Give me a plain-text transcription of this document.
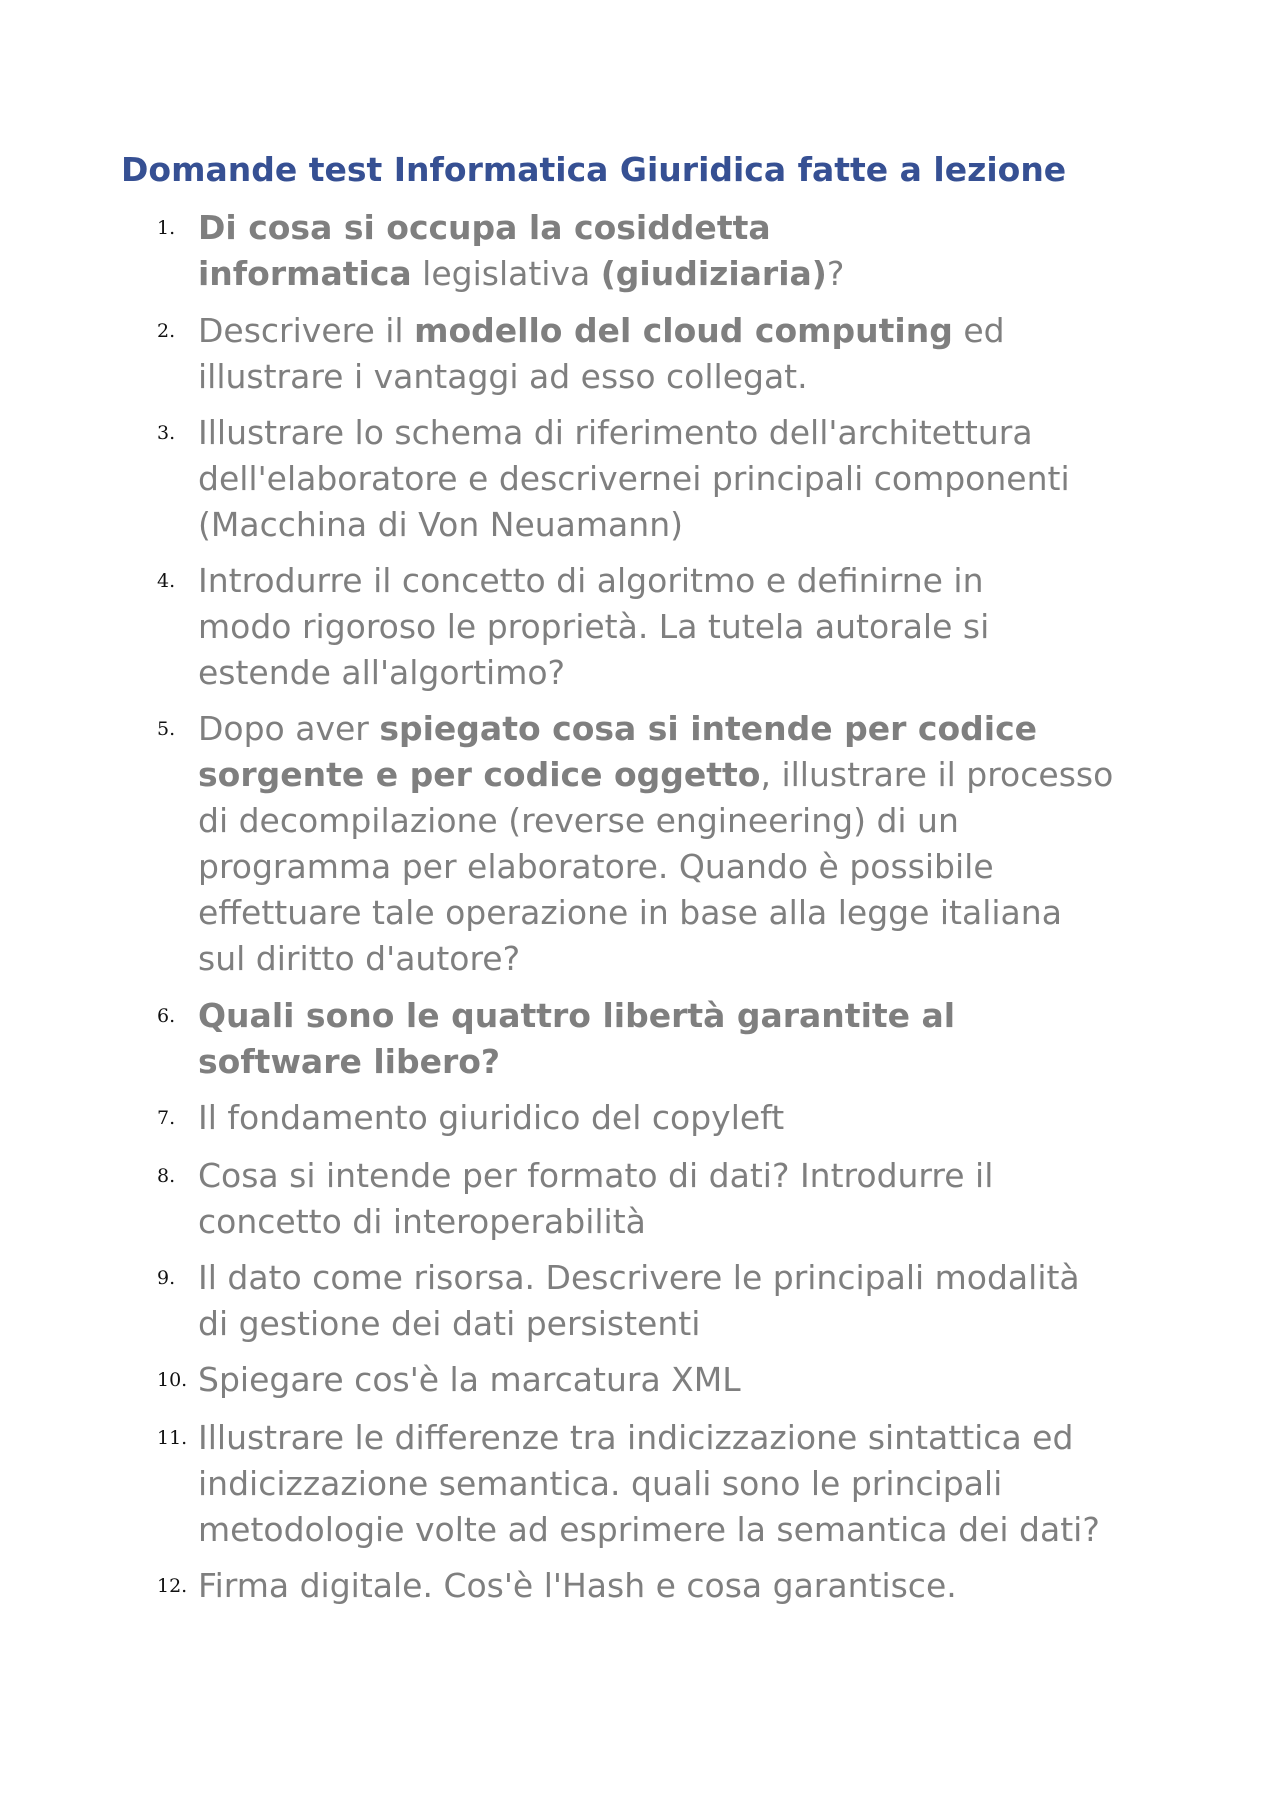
Domande test Informatica Giuridica fatte a lezione
1. Di cosa si occupa la cosiddetta
informatica legislativa (giudiziaria)?
2. Descrivere il modello del cloud computing ed
illustrare i vantaggi ad esso collegat.
3. Illustrare lo schema di riferimento dell'architettura
dell'elaboratore e descrivernei principali componenti
(Macchina di Von Neuamann)
4. Introdurre il concetto di algoritmo e definirne in
modo rigoroso le proprietà. La tutela autorale si
estende all'algortimo?
5. Dopo aver spiegato cosa si intende per codice
sorgente e per codice oggetto, illustrare il processo
di decompilazione (reverse engineering) di un
programma per elaboratore. Quando è possibile
effettuare tale operazione in base alla legge italiana
sul diritto d'autore?
6. Quali sono le quattro libertà garantite al
software libero?
7. Il fondamento giuridico del copyleft
8. Cosa si intende per formato di dati? Introdurre il
concetto di interoperabilità
9. Il dato come risorsa. Descrivere le principali modalità
di gestione dei dati persistenti
10. Spiegare cos'è la marcatura XML
11. Illustrare le differenze tra indicizzazione sintattica ed
indicizzazione semantica. quali sono le principali
metodologie volte ad esprimere la semantica dei dati?
12. Firma digitale. Cos'è l'Hash e cosa garantisce.
